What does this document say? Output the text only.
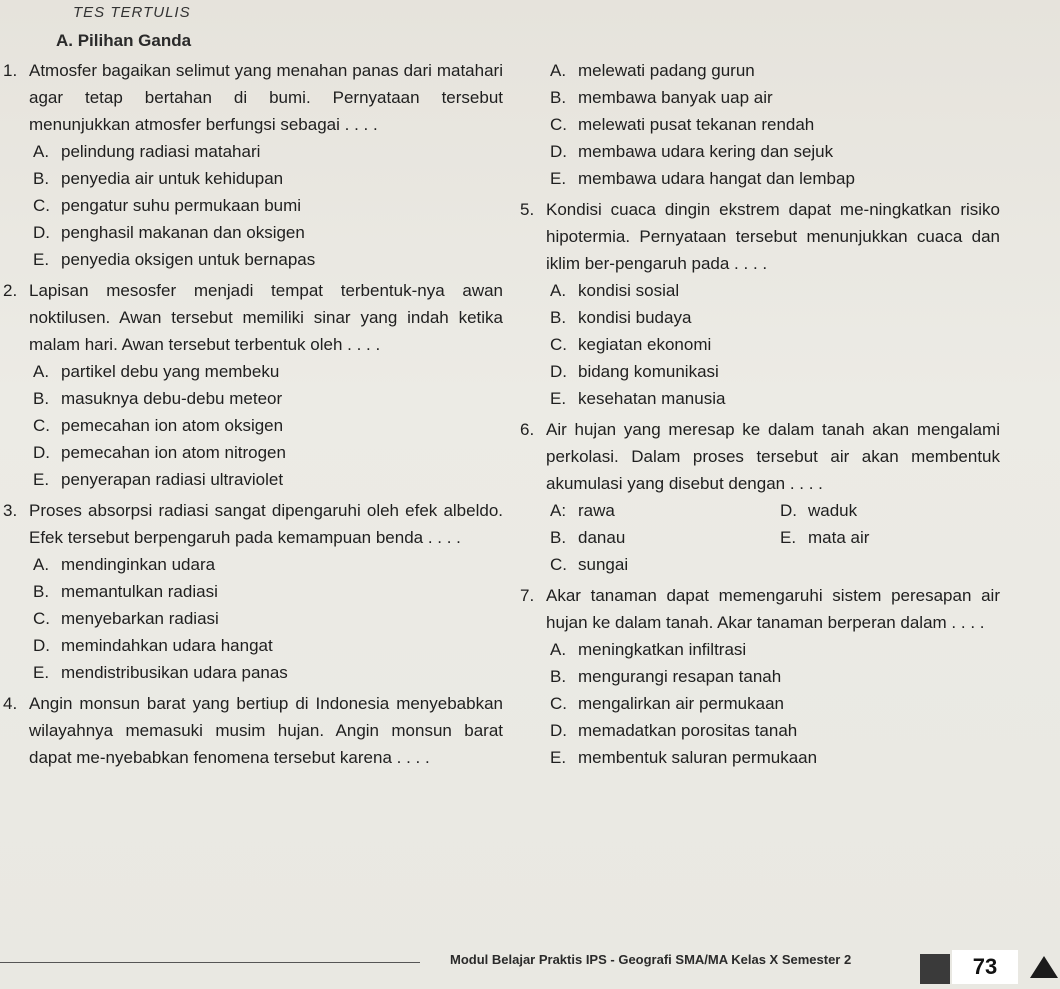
TES TERTULIS
A. Pilihan Ganda
1. Atmosfer bagaikan selimut yang menahan panas dari matahari agar tetap bertahan di bumi. Pernyataan tersebut menunjukkan atmosfer berfungsi sebagai . . . .
A. pelindung radiasi matahari
B. penyedia air untuk kehidupan
C. pengatur suhu permukaan bumi
D. penghasil makanan dan oksigen
E. penyedia oksigen untuk bernapas
2. Lapisan mesosfer menjadi tempat terbentuk-nya awan noktilusen. Awan tersebut memiliki sinar yang indah ketika malam hari. Awan tersebut terbentuk oleh . . . .
A. partikel debu yang membeku
B. masuknya debu-debu meteor
C. pemecahan ion atom oksigen
D. pemecahan ion atom nitrogen
E. penyerapan radiasi ultraviolet
3. Proses absorpsi radiasi sangat dipengaruhi oleh efek albeldo. Efek tersebut berpengaruh pada kemampuan benda . . . .
A. mendinginkan udara
B. memantulkan radiasi
C. menyebarkan radiasi
D. memindahkan udara hangat
E. mendistribusikan udara panas
4. Angin monsun barat yang bertiup di Indonesia menyebabkan wilayahnya memasuki musim hujan. Angin monsun barat dapat me-nyebabkan fenomena tersebut karena . . . .
A. melewati padang gurun
B. membawa banyak uap air
C. melewati pusat tekanan rendah
D. membawa udara kering dan sejuk
E. membawa udara hangat dan lembap
5. Kondisi cuaca dingin ekstrem dapat me-ningkatkan risiko hipotermia. Pernyataan tersebut menunjukkan cuaca dan iklim ber-pengaruh pada . . . .
A. kondisi sosial
B. kondisi budaya
C. kegiatan ekonomi
D. bidang komunikasi
E. kesehatan manusia
6. Air hujan yang meresap ke dalam tanah akan mengalami perkolasi. Dalam proses tersebut air akan membentuk akumulasi yang disebut dengan . . . .
A: rawa	D. waduk
B. danau	E. mata air
C. sungai
7. Akar tanaman dapat memengaruhi sistem peresapan air hujan ke dalam tanah. Akar tanaman berperan dalam . . . .
A. meningkatkan infiltrasi
B. mengurangi resapan tanah
C. mengalirkan air permukaan
D. memadatkan porositas tanah
E. membentuk saluran permukaan
Modul Belajar Praktis IPS - Geografi SMA/MA Kelas X Semester 2	73
